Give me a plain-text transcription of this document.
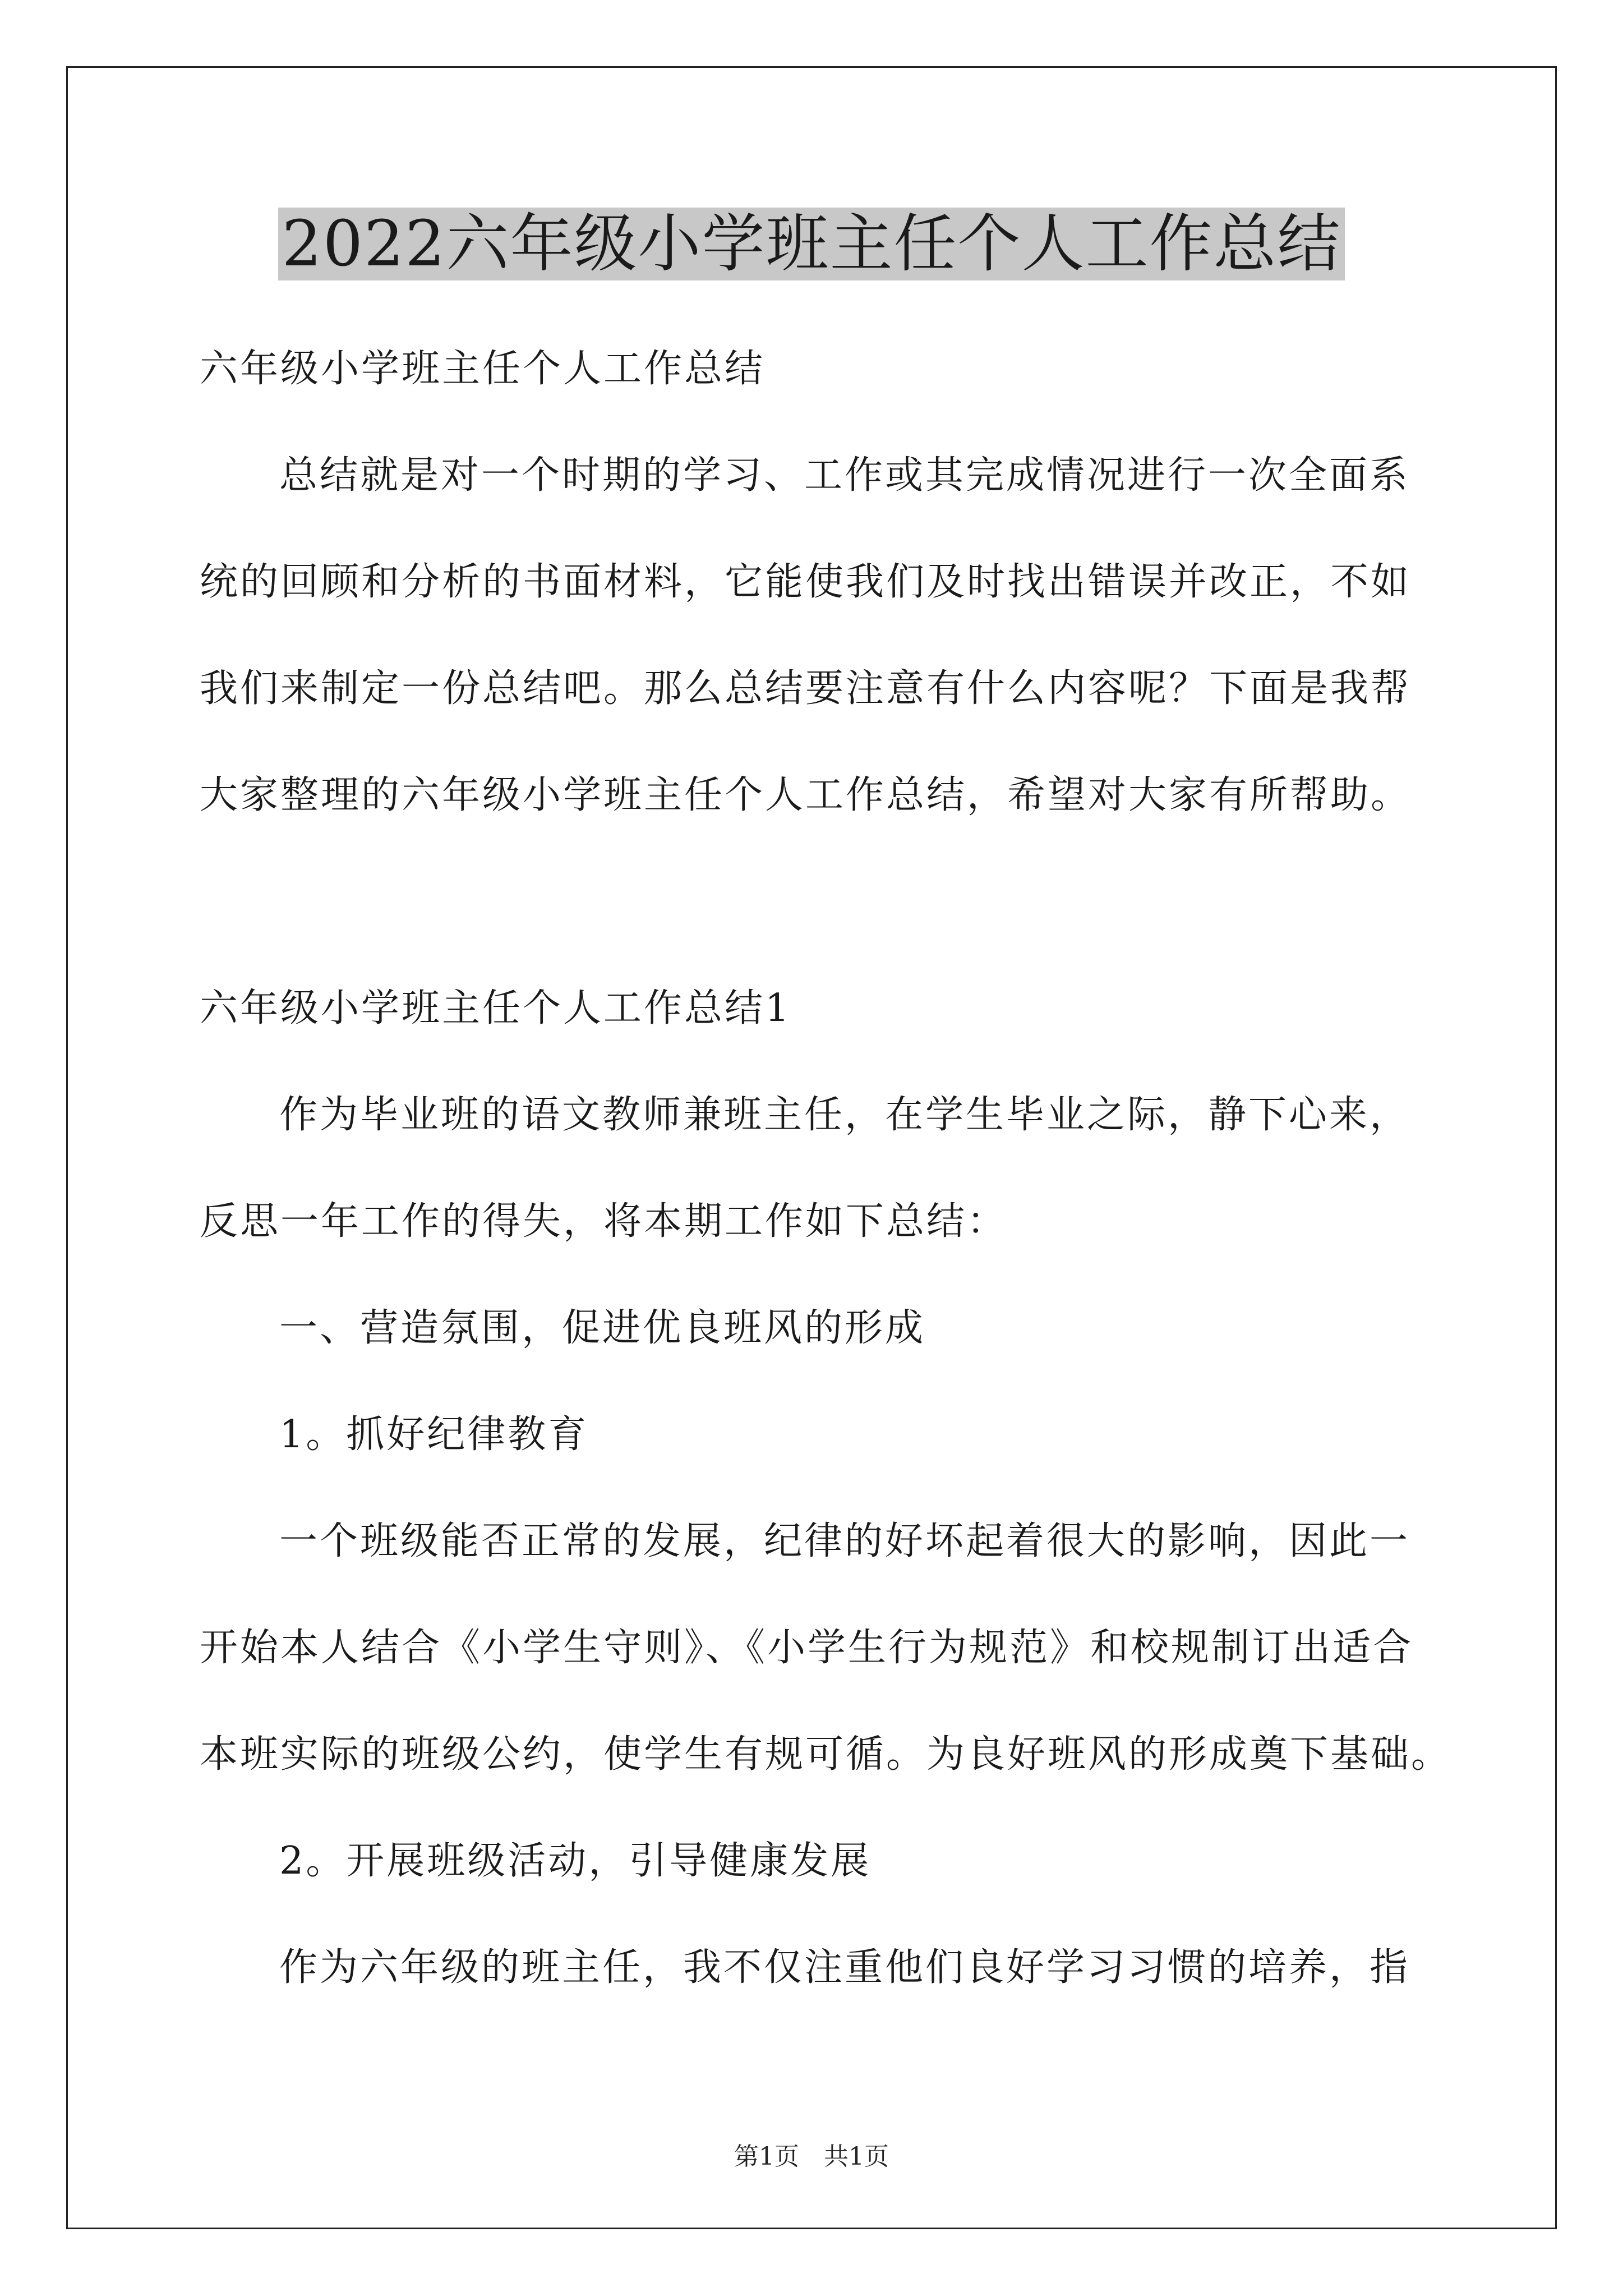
2022六年级小学班主任个人工作总结

六年级小学班主任个人工作总结

总结就是对一个时期的学习、工作或其完成情况进行一次全面系

统的回顾和分析的书面材料，它能使我们及时找出错误并改正，不如

我们来制定一份总结吧。那么总结要注意有什么内容呢？下面是我帮

大家整理的六年级小学班主任个人工作总结，希望对大家有所帮助。

六年级小学班主任个人工作总结1

作为毕业班的语文教师兼班主任，在学生毕业之际，静下心来，

反思一年工作的得失，将本期工作如下总结：

一、营造氛围，促进优良班风的形成

1。抓好纪律教育

一个班级能否正常的发展，纪律的好坏起着很大的影响，因此一

开始本人结合《小学生守则》、《小学生行为规范》和校规制订出适合

本班实际的班级公约，使学生有规可循。为良好班风的形成奠下基础。

2。开展班级活动，引导健康发展

作为六年级的班主任，我不仅注重他们良好学习习惯的培养，指

第1页　共1页
